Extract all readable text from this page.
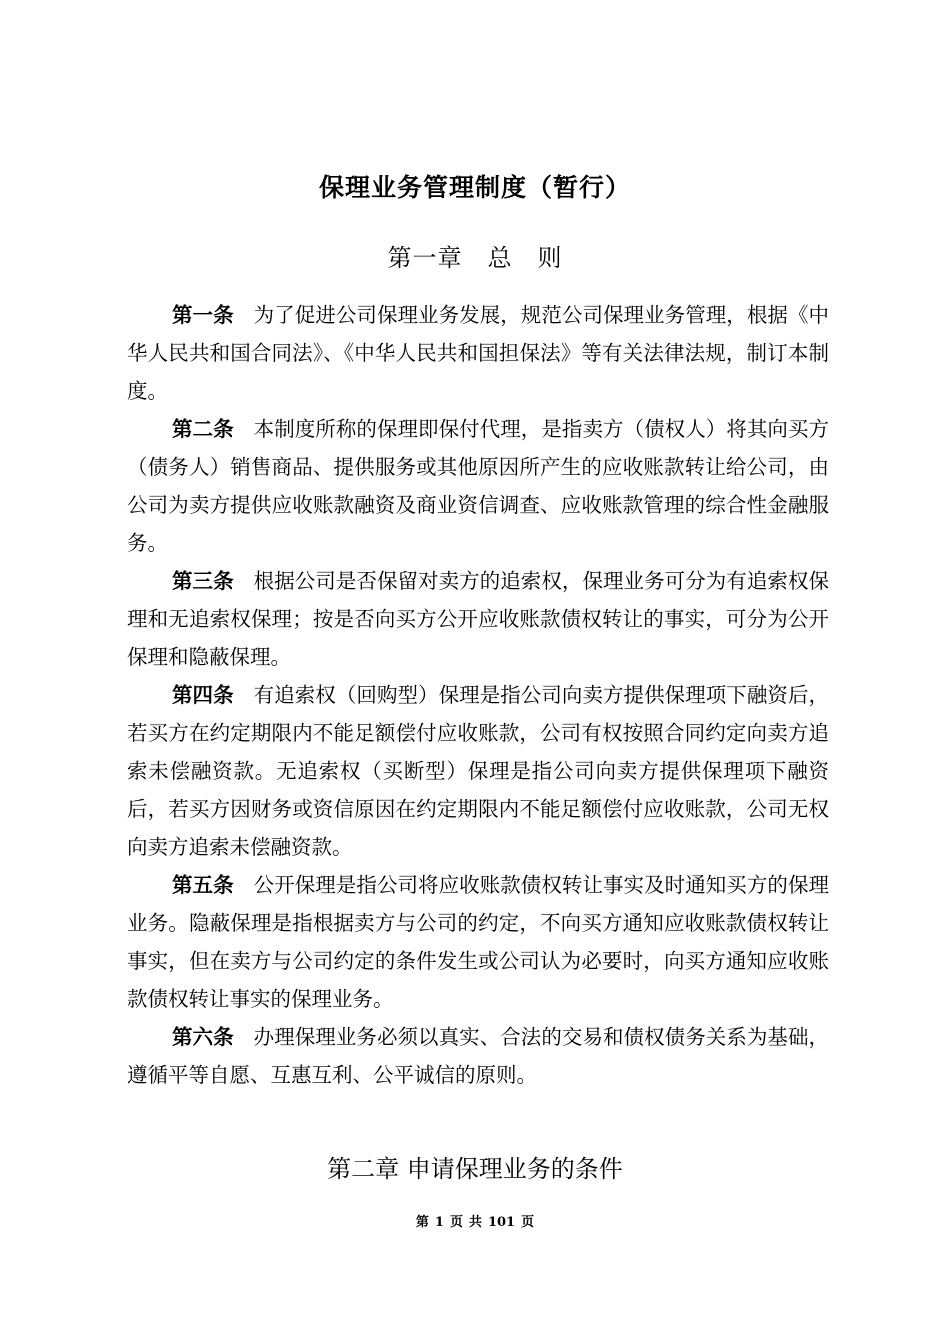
保理业务管理制度（暂行）
第一章　总　则

第一条 为了促进公司保理业务发展，规范公司保理业务管理，根据《中华人民共和国合同法》、《中华人民共和国担保法》等有关法律法规，制订本制度。

第二条 本制度所称的保理即保付代理，是指卖方（债权人）将其向买方（债务人）销售商品、提供服务或其他原因所产生的应收账款转让给公司，由公司为卖方提供应收账款融资及商业资信调查、应收账款管理的综合性金融服务。

第三条 根据公司是否保留对卖方的追索权，保理业务可分为有追索权保理和无追索权保理；按是否向买方公开应收账款债权转让的事实，可分为公开保理和隐蔽保理。

第四条 有追索权（回购型）保理是指公司向卖方提供保理项下融资后，若买方在约定期限内不能足额偿付应收账款，公司有权按照合同约定向卖方追索未偿融资款。无追索权（买断型）保理是指公司向卖方提供保理项下融资后，若买方因财务或资信原因在约定期限内不能足额偿付应收账款，公司无权向卖方追索未偿融资款。

第五条 公开保理是指公司将应收账款债权转让事实及时通知买方的保理业务。隐蔽保理是指根据卖方与公司的约定，不向买方通知应收账款债权转让事实，但在卖方与公司约定的条件发生或公司认为必要时，向买方通知应收账款债权转让事实的保理业务。

第六条 办理保理业务必须以真实、合法的交易和债权债务关系为基础，遵循平等自愿、互惠互利、公平诚信的原则。

第二章 申请保理业务的条件
第 1 页 共 101 页
